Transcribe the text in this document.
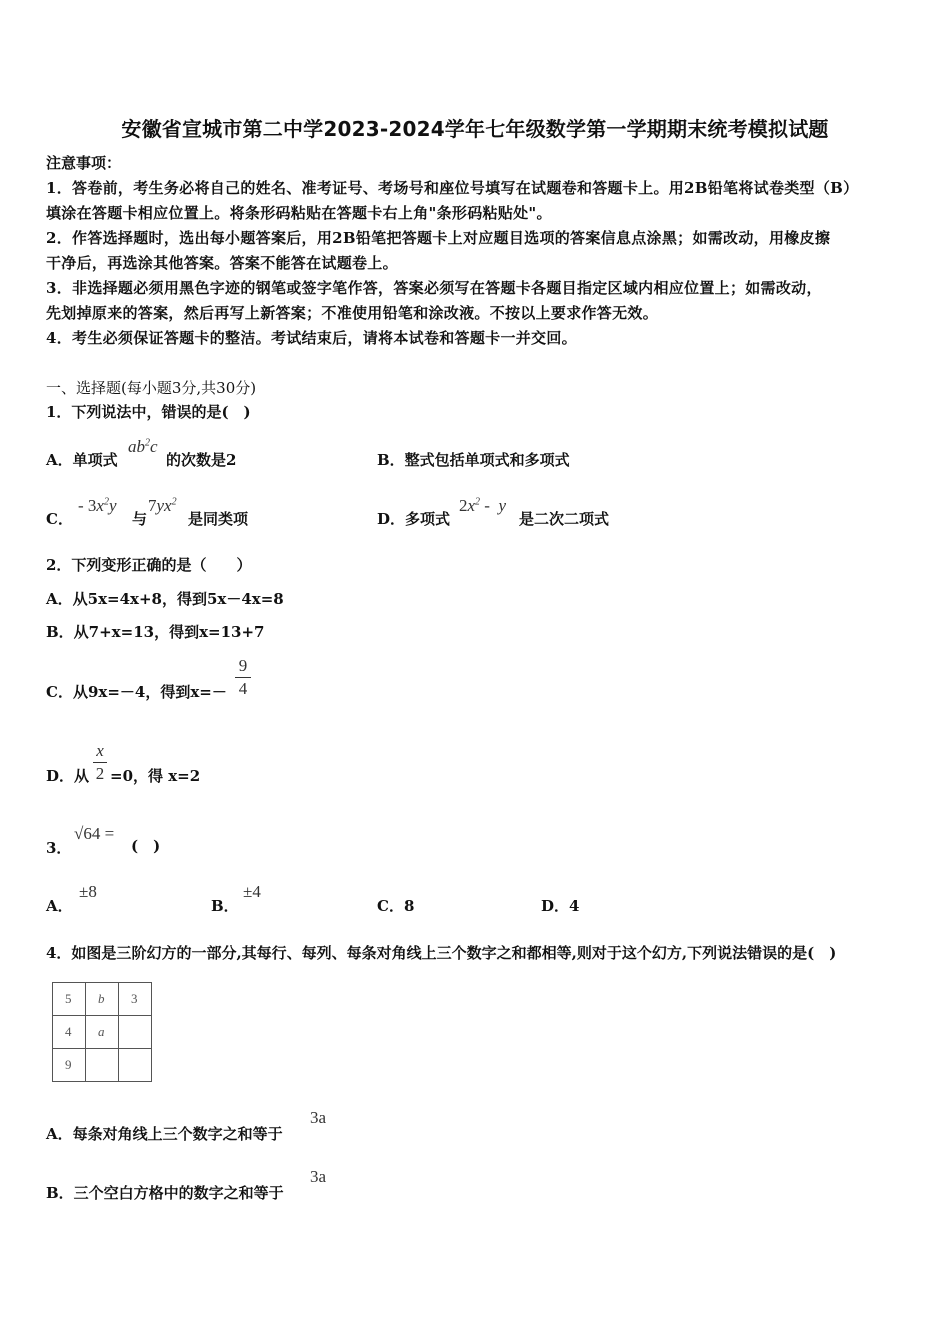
安徽省宣城市第二中学2023-2024学年七年级数学第一学期期末统考模拟试题
注意事项：
1．答卷前，考生务必将自己的姓名、准考证号、考场号和座位号填写在试题卷和答题卡上。用2B铅笔将试卷类型（B）
填涂在答题卡相应位置上。将条形码粘贴在答题卡右上角"条形码粘贴处"。
2．作答选择题时，选出每小题答案后，用2B铅笔把答题卡上对应题目选项的答案信息点涂黑；如需改动，用橡皮擦
干净后，再选涂其他答案。答案不能答在试题卷上。
3．非选择题必须用黑色字迹的钢笔或签字笔作答，答案必须写在答题卡各题目指定区域内相应位置上；如需改动，
先划掉原来的答案，然后再写上新答案；不准使用铅笔和涂改液。不按以上要求作答无效。
4．考生必须保证答题卡的整洁。考试结束后，请将本试卷和答题卡一并交回。
一、选择题(每小题3分,共30分)
1．下列说法中，错误的是(　)
A．单项式
$ab^2c$
的次数是2	B．整式包括单项式和多项式
C．
- $3x^2y$
与
$7yx^2$
是同类项	D．多项式
$2x^2$ -  y
是二次二项式
2．下列变形正确的是（　　）
A．从5x=4x+8，得到5x－4x=8
B．从7+x=13，得到x=13+7
C．从9x=－4，得到x=－
9
4
D．从
x
2 =0，得 x=2
3．
√64 =
(　)
A．
±8
B．
±4
C．8	D．4
4．如图是三阶幻方的一部分,其每行、每列、每条对角线上三个数字之和都相等,则对于这个幻方,下列说法错误的是(　)
5	b	3
4	a	
9		
A．每条对角线上三个数字之和等于
3a
B．三个空白方格中的数字之和等于
3a
